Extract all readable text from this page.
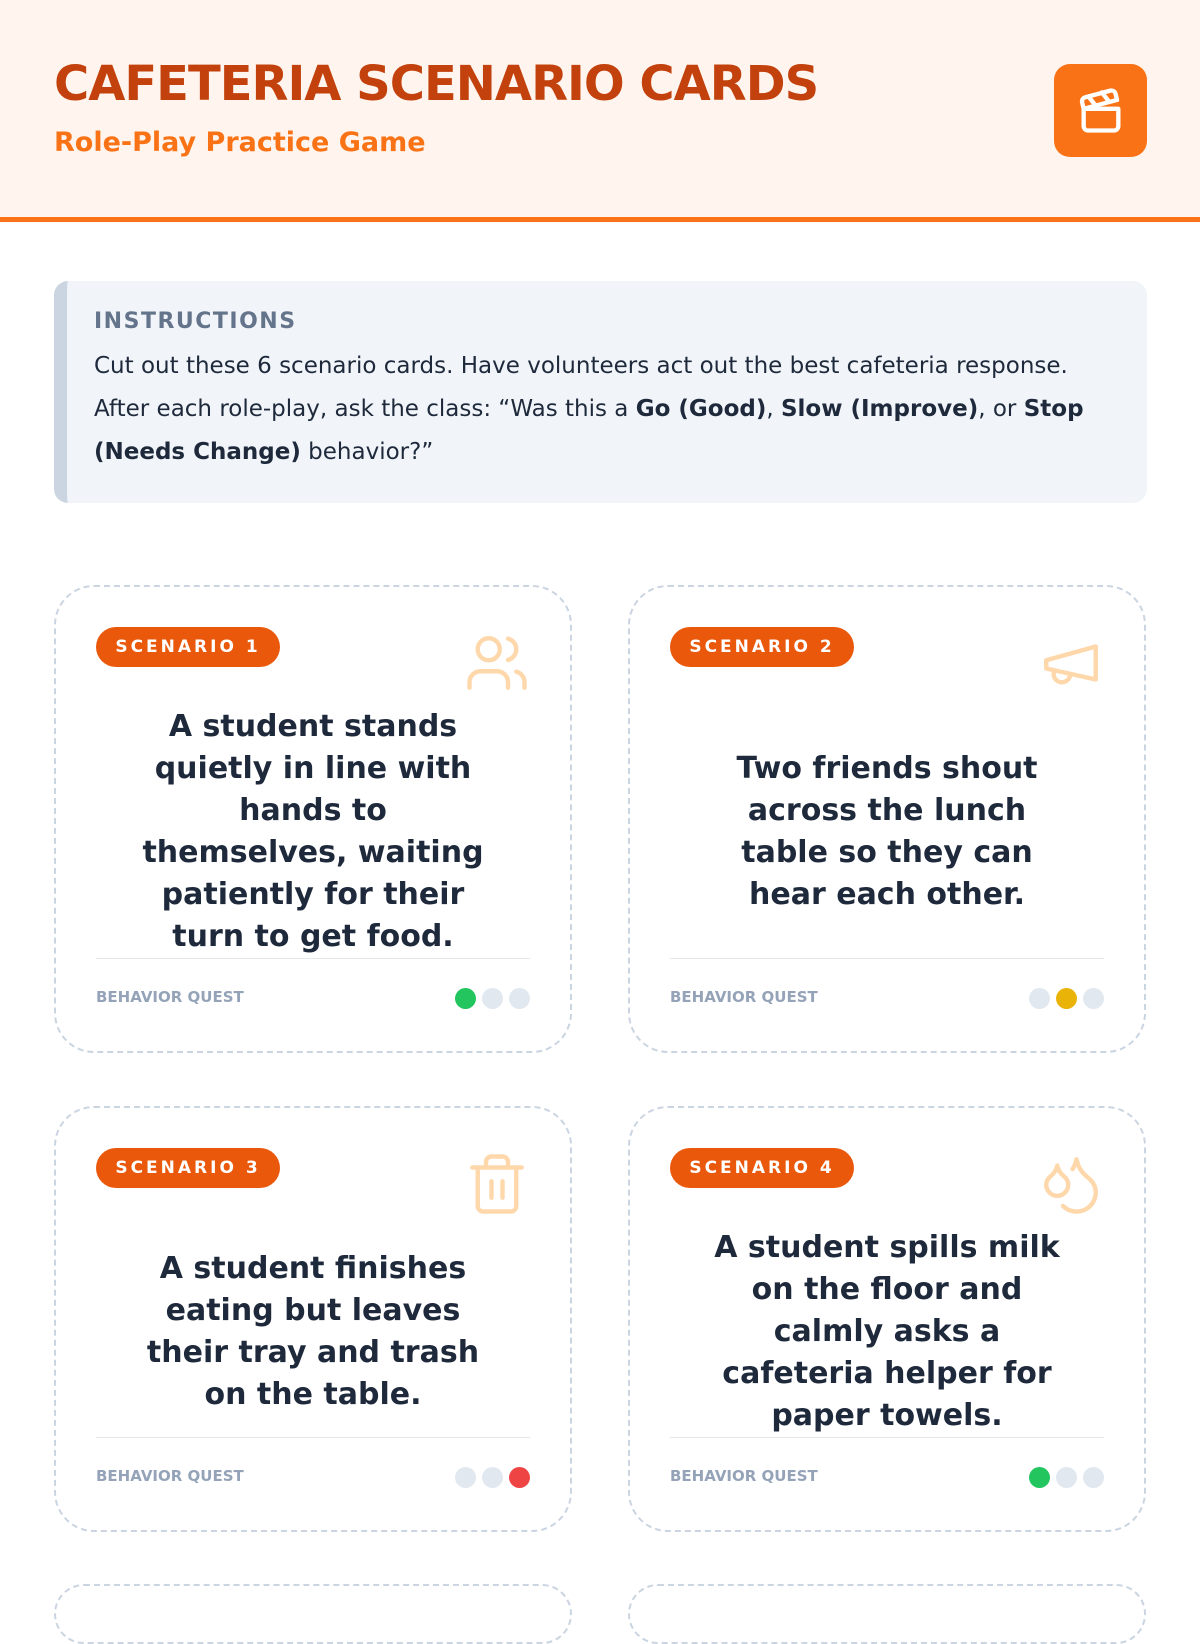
CAFETERIA SCENARIO CARDS
Role-Play Practice Game
INSTRUCTIONS
Cut out these 6 scenario cards. Have volunteers act out the best cafeteria response.
After each role-play, ask the class: “Was this a Go (Good), Slow (Improve), or Stop (Needs Change) behavior?”
SCENARIO 1
A student stands quietly in line with hands to themselves, waiting patiently for their turn to get food.
BEHAVIOR QUEST
SCENARIO 2
Two friends shout across the lunch table so they can hear each other.
BEHAVIOR QUEST
SCENARIO 3
A student finishes eating but leaves their tray and trash on the table.
BEHAVIOR QUEST
SCENARIO 4
A student spills milk on the floor and calmly asks a cafeteria helper for paper towels.
BEHAVIOR QUEST
